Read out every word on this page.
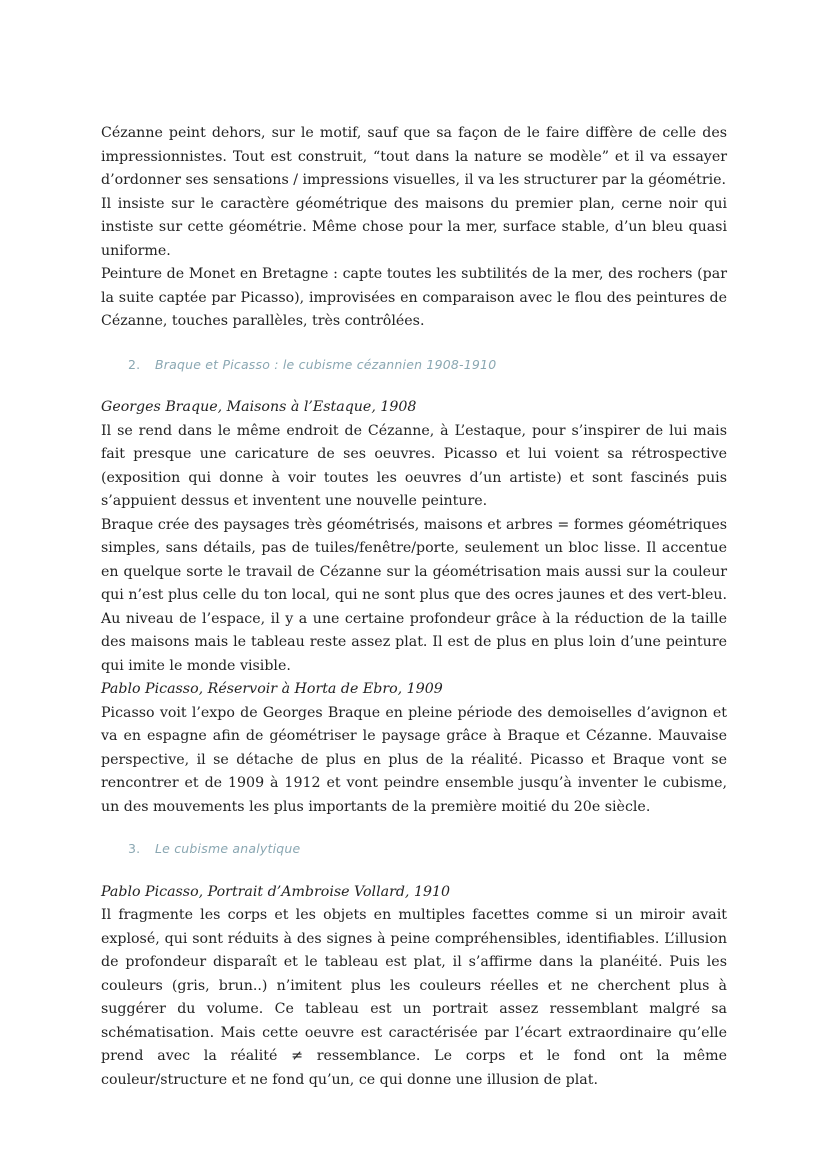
Cézanne peint dehors, sur le motif, sauf que sa façon de le faire diffère de celle des impressionnistes. Tout est construit, “tout dans la nature se modèle” et il va essayer d’ordonner ses sensations / impressions visuelles, il va les structurer par la géométrie.

Il insiste sur le caractère géométrique des maisons du premier plan, cerne noir qui instiste sur cette géométrie. Même chose pour la mer, surface stable, d’un bleu quasi uniforme.

Peinture de Monet en Bretagne : capte toutes les subtilités de la mer, des rochers (par la suite captée par Picasso), improvisées en comparaison avec le flou des peintures de Cézanne, touches parallèles, très contrôlées.

2. Braque et Picasso : le cubisme cézannien 1908-1910

Georges Braque, Maisons à l’Estaque, 1908

Il se rend dans le même endroit de Cézanne, à L’estaque, pour s’inspirer de lui mais fait presque une caricature de ses oeuvres. Picasso et lui voient sa rétrospective (exposition qui donne à voir toutes les oeuvres d’un artiste) et sont fascinés puis s’appuient dessus et inventent une nouvelle peinture.

Braque crée des paysages très géométrisés, maisons et arbres = formes géométriques simples, sans détails, pas de tuiles/fenêtre/porte, seulement un bloc lisse. Il accentue en quelque sorte le travail de Cézanne sur la géométrisation mais aussi sur la couleur qui n’est plus celle du ton local, qui ne sont plus que des ocres jaunes et des vert-bleu. Au niveau de l’espace, il y a une certaine profondeur grâce à la réduction de la taille des maisons mais le tableau reste assez plat. Il est de plus en plus loin d’une peinture qui imite le monde visible.

Pablo Picasso, Réservoir à Horta de Ebro, 1909

Picasso voit l’expo de Georges Braque en pleine période des demoiselles d’avignon et va en espagne afin de géométriser le paysage grâce à Braque et Cézanne. Mauvaise perspective, il se détache de plus en plus de la réalité. Picasso et Braque vont se rencontrer et de 1909 à 1912 et vont peindre ensemble jusqu’à inventer le cubisme, un des mouvements les plus importants de la première moitié du 20e siècle.

3. Le cubisme analytique

Pablo Picasso, Portrait d’Ambroise Vollard, 1910

Il fragmente les corps et les objets en multiples facettes comme si un miroir avait explosé, qui sont réduits à des signes à peine compréhensibles, identifiables. L’illusion de profondeur disparaît et le tableau est plat, il s’affirme dans la planéité. Puis les couleurs (gris, brun..) n’imitent plus les couleurs réelles et ne cherchent plus à suggérer du volume. Ce tableau est un portrait assez ressemblant malgré sa schématisation. Mais cette oeuvre est caractérisée par l’écart extraordinaire qu’elle prend avec la réalité ≠ ressemblance. Le corps et le fond ont la même couleur/structure et ne fond qu’un, ce qui donne une illusion de plat.
